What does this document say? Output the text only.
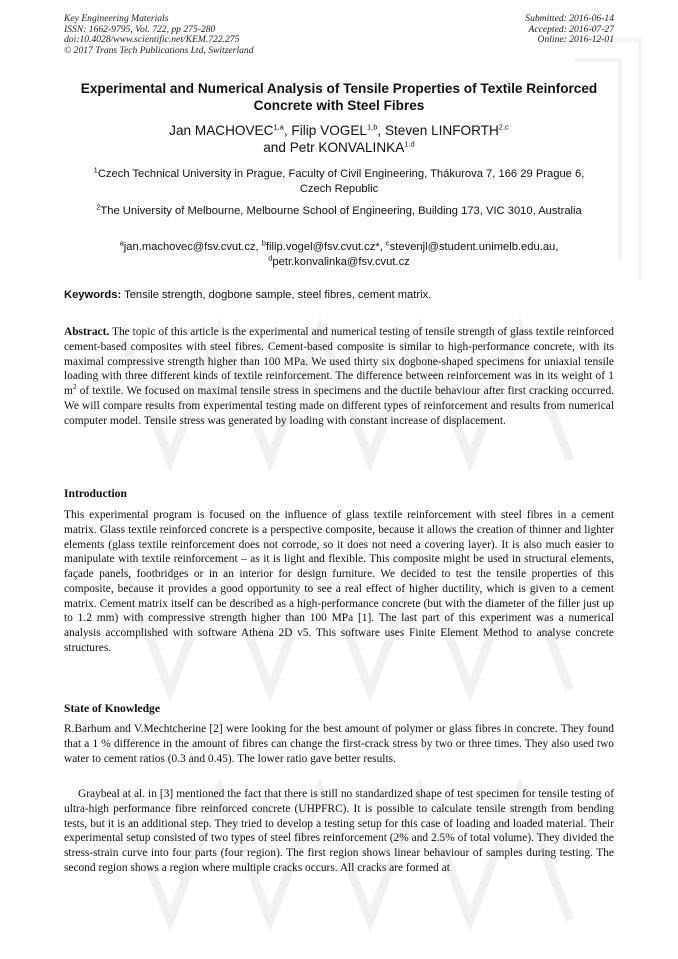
Key Engineering Materials
ISSN: 1662-9795, Vol. 722, pp 275-280
doi:10.4028/www.scientific.net/KEM.722.275
© 2017 Trans Tech Publications Ltd, Switzerland
Submitted: 2016-06-14
Accepted: 2016-07-27
Online: 2016-12-01
Experimental and Numerical Analysis of Tensile Properties of Textile Reinforced Concrete with Steel Fibres
Jan MACHOVEC$^{1,a}$, Filip VOGEL$^{1,b}$, Steven LINFORTH$^{2,c}$
and Petr KONVALINKA$^{1,d}$
$^1$Czech Technical University in Prague, Faculty of Civil Engineering, Thákurova 7, 166 29 Prague 6, Czech Republic
$^2$The University of Melbourne, Melbourne School of Engineering, Building 173, VIC 3010, Australia
$^a$jan.machovec@fsv.cvut.cz, $^b$filip.vogel@fsv.cvut.cz*, $^c$stevenjl@student.unimelb.edu.au,
$^d$petr.konvalinka@fsv.cvut.cz
Keywords: Tensile strength, dogbone sample, steel fibres, cement matrix.
Abstract. The topic of this article is the experimental and numerical testing of tensile strength of glass textile reinforced cement-based composites with steel fibres. Cement-based composite is similar to high-performance concrete, with its maximal compressive strength higher than 100 MPa. We used thirty six dogbone-shaped specimens for uniaxial tensile loading with three different kinds of textile reinforcement. The difference between reinforcement was in its weight of 1 $m^2$ of textile. We focused on maximal tensile stress in specimens and the ductile behaviour after first cracking occurred. We will compare results from experimental testing made on different types of reinforcement and results from numerical computer model. Tensile stress was generated by loading with constant increase of displacement.
Introduction
This experimental program is focused on the influence of glass textile reinforcement with steel fibres in a cement matrix. Glass textile reinforced concrete is a perspective composite, because it allows the creation of thinner and lighter elements (glass textile reinforcement does not corrode, so it does not need a covering layer). It is also much easier to manipulate with textile reinforcement – as it is light and flexible. This composite might be used in structural elements, façade panels, footbridges or in an interior for design furniture. We decided to test the tensile properties of this composite, because it provides a good opportunity to see a real effect of higher ductility, which is given to a cement matrix. Cement matrix itself can be described as a high-performance concrete (but with the diameter of the filler just up to 1.2 mm) with compressive strength higher than 100 MPa [1]. The last part of this experiment was a numerical analysis accomplished with software Athena 2D v5. This software uses Finite Element Method to analyse concrete structures.
State of Knowledge
R.Barhum and V.Mechtcherine [2] were looking for the best amount of polymer or glass fibres in concrete. They found that a 1 % difference in the amount of fibres can change the first-crack stress by two or three times. They also used two water to cement ratios (0.3 and 0.45). The lower ratio gave better results.
Graybeal at al. in [3] mentioned the fact that there is still no standardized shape of test specimen for tensile testing of ultra-high performance fibre reinforced concrete (UHPFRC). It is possible to calculate tensile strength from bending tests, but it is an additional step. They tried to develop a testing setup for this case of loading and loaded material. Their experimental setup consisted of two types of steel fibres reinforcement (2% and 2.5% of total volume). They divided the stress-strain curve into four parts (four region). The first region shows linear behaviour of samples during testing. The second region shows a region where multiple cracks occurs. All cracks are formed at
